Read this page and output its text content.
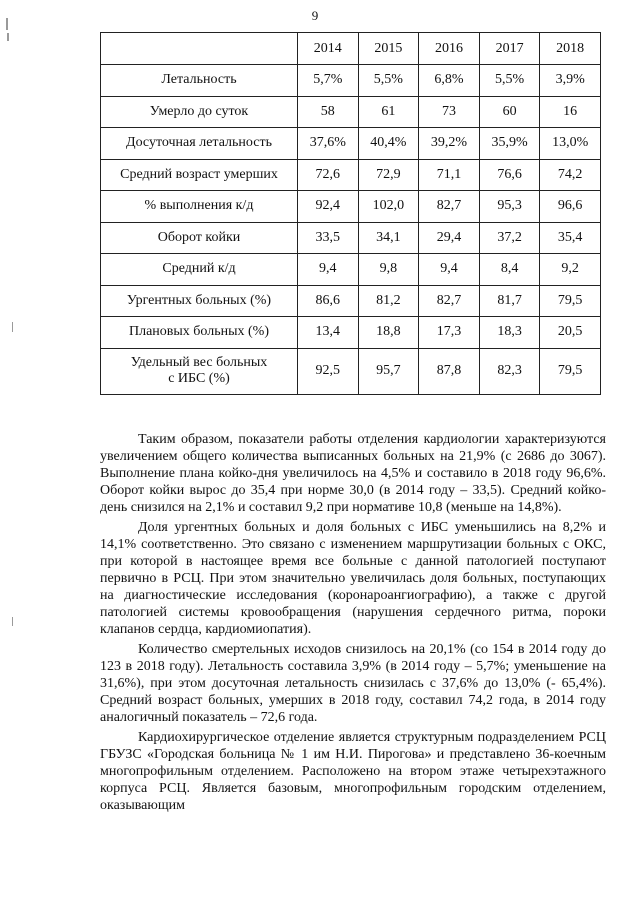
9
	2014	2015	2016	2017	2018
Летальность	5,7%	5,5%	6,8%	5,5%	3,9%
Умерло до суток	58	61	73	60	16
Досуточная летальность	37,6%	40,4%	39,2%	35,9%	13,0%
Средний возраст умерших	72,6	72,9	71,1	76,6	74,2
% выполнения к/д	92,4	102,0	82,7	95,3	96,6
Оборот койки	33,5	34,1	29,4	37,2	35,4
Средний к/д	9,4	9,8	9,4	8,4	9,2
Ургентных больных (%)	86,6	81,2	82,7	81,7	79,5
Плановых больных (%)	13,4	18,8	17,3	18,3	20,5
Удельный вес больных
с ИБС (%)	92,5	95,7	87,8	82,3	79,5

Таким образом, показатели работы отделения кардиологии характеризуются увеличением общего количества выписанных больных на 21,9% (с 2686 до 3067). Выполнение плана койко-дня увеличилось на 4,5% и составило в 2018 году 96,6%. Оборот койки вырос до 35,4 при норме 30,0 (в 2014 году – 33,5). Средний койко-день снизился на 2,1% и составил 9,2 при нормативе 10,8 (меньше на 14,8%).

Доля ургентных больных и доля больных с ИБС уменьшились на 8,2% и 14,1% соответственно. Это связано с изменением маршрутизации больных с ОКС, при которой в настоящее время все больные с данной патологией поступают первично в РСЦ. При этом значительно увеличилась доля больных, поступающих на диагностические исследования (коронароангиографию), а также с другой патологией системы кровообращения (нарушения сердечного ритма, пороки клапанов сердца, кардиомиопатия).

Количество смертельных исходов снизилось на 20,1% (со 154 в 2014 году до 123 в 2018 году). Летальность составила 3,9% (в 2014 году – 5,7%; уменьшение на 31,6%), при этом досуточная летальность снизилась с 37,6% до 13,0% (- 65,4%). Средний возраст больных, умерших в 2018 году, составил 74,2 года, в 2014 году аналогичный показатель – 72,6 года.

Кардиохирургическое отделение является структурным подразделением РСЦ ГБУЗС «Городская больница № 1 им Н.И. Пирогова» и представлено 36-коечным многопрофильным отделением. Расположено на втором этаже четырехэтажного корпуса РСЦ. Является базовым, многопрофильным городским отделением, оказывающим
